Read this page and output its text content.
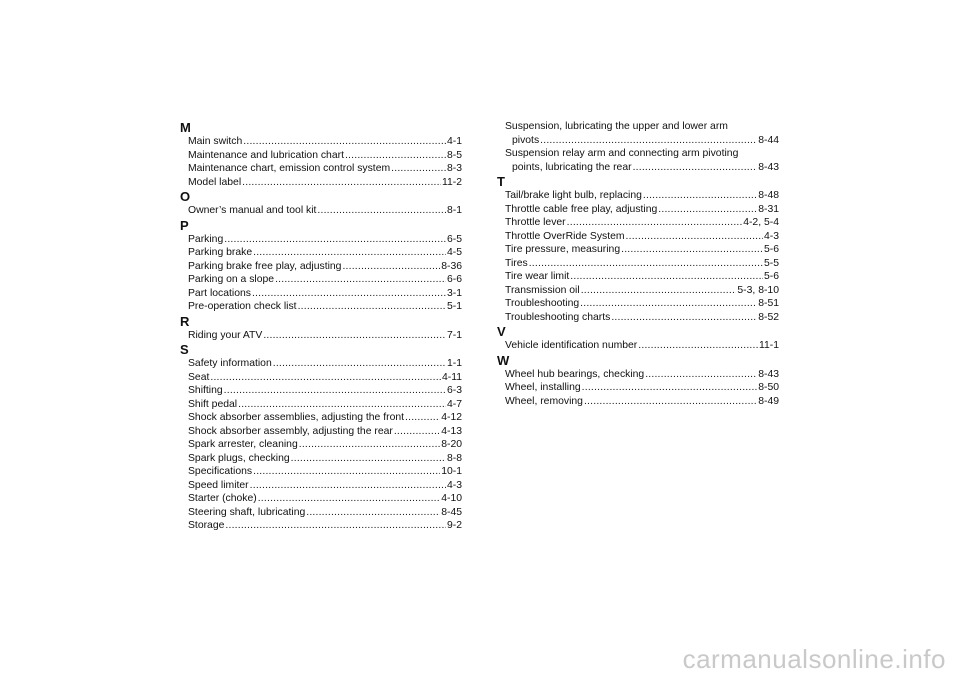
M
Main switch .....	4-1
Maintenance and lubrication chart .....	8-5
Maintenance chart, emission control system .....	8-3
Model label .....	11-2
O
Owner’s manual and tool kit .....	8-1
P
Parking .....	6-5
Parking brake .....	4-5
Parking brake free play, adjusting .....	8-36
Parking on a slope .....	6-6
Part locations .....	3-1
Pre-operation check list .....	5-1
R
Riding your ATV .....	7-1
S
Safety information .....	1-1
Seat .....	4-11
Shifting .....	6-3
Shift pedal .....	4-7
Shock absorber assemblies, adjusting the front .....	4-12
Shock absorber assembly, adjusting the rear .....	4-13
Spark arrester, cleaning .....	8-20
Spark plugs, checking .....	8-8
Specifications .....	10-1
Speed limiter .....	4-3
Starter (choke) .....	4-10
Steering shaft, lubricating .....	8-45
Storage .....	9-2
Suspension, lubricating the upper and lower arm
pivots .....	8-44
Suspension relay arm and connecting arm pivoting
points, lubricating the rear .....	8-43
T
Tail/brake light bulb, replacing .....	8-48
Throttle cable free play, adjusting .....	8-31
Throttle lever .....	4-2, 5-4
Throttle OverRide System .....	4-3
Tire pressure, measuring .....	5-6
Tires .....	5-5
Tire wear limit .....	5-6
Transmission oil .....	5-3, 8-10
Troubleshooting .....	8-51
Troubleshooting charts .....	8-52
V
Vehicle identification number .....	11-1
W
Wheel hub bearings, checking .....	8-43
Wheel, installing .....	8-50
Wheel, removing .....	8-49
carmanualsonline.info
